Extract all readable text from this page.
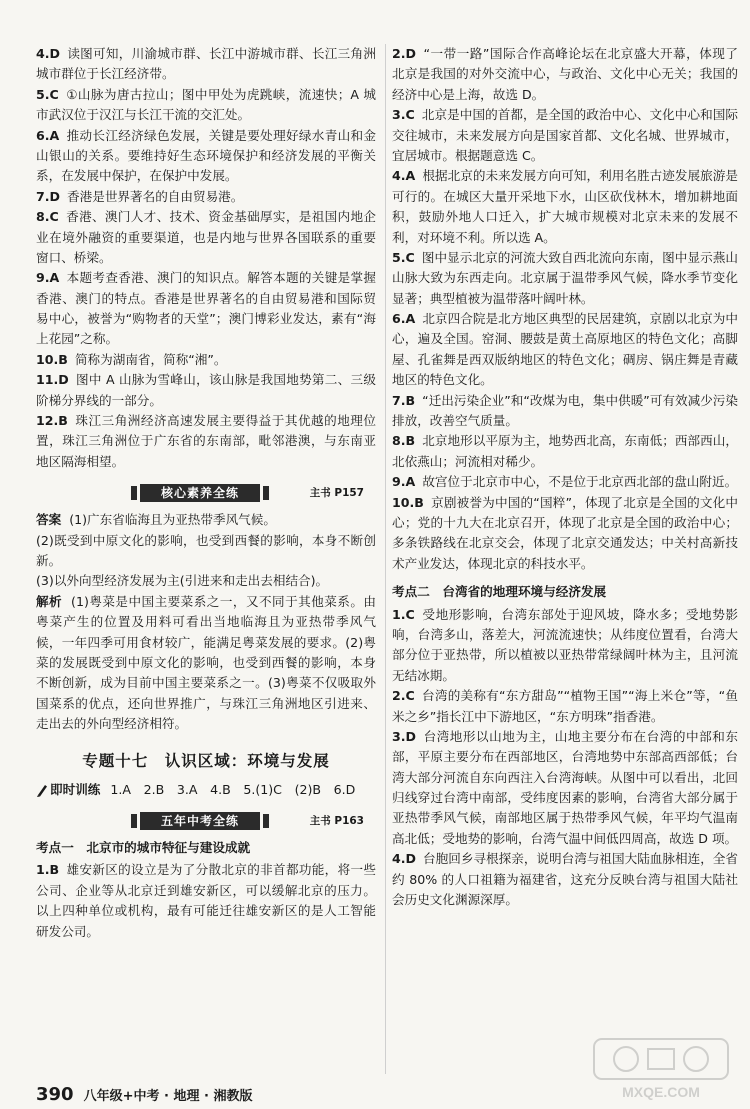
4.D 读图可知，川渝城市群、长江中游城市群、长江三角洲城市群位于长江经济带。

5.C ①山脉为唐古拉山；图中甲处为虎跳峡，流速快；A 城市武汉位于汉江与长江干流的交汇处。

6.A 推动长江经济绿色发展，关键是要处理好绿水青山和金山银山的关系。要维持好生态环境保护和经济发展的平衡关系，在发展中保护，在保护中发展。

7.D 香港是世界著名的自由贸易港。

8.C 香港、澳门人才、技术、资金基础厚实，是祖国内地企业在境外融资的重要渠道，也是内地与世界各国联系的重要窗口、桥梁。

9.A 本题考查香港、澳门的知识点。解答本题的关键是掌握香港、澳门的特点。香港是世界著名的自由贸易港和国际贸易中心，被誉为“购物者的天堂”；澳门博彩业发达，素有“海上花园”之称。

10.B 简称为湖南省，简称“湘”。

11.D 图中 A 山脉为雪峰山，该山脉是我国地势第二、三级阶梯分界线的一部分。

12.B 珠江三角洲经济高速发展主要得益于其优越的地理位置，珠江三角洲位于广东省的东南部，毗邻港澳，与东南亚地区隔海相望。

核心素养全练	主书 P157

答案 (1)广东省临海且为亚热带季风气候。

(2)既受到中原文化的影响，也受到西餐的影响，本身不断创新。

(3)以外向型经济发展为主(引进来和走出去相结合)。

解析 (1)粤菜是中国主要菜系之一，又不同于其他菜系。由粤菜产生的位置及用料可看出当地临海且为亚热带季风气候，一年四季可用食材较广，能满足粤菜发展的要求。(2)粤菜的发展既受到中原文化的影响，也受到西餐的影响，本身不断创新，成为目前中国主要菜系之一。(3)粤菜不仅吸取外国菜系的优点，还向世界推广，与珠江三角洲地区引进来、走出去的外向型经济相符。

专题十七　认识区域：环境与发展
即时训练 1.A　2.B　3.A　4.B　5.(1)C　(2)B　6.D
五年中考全练	主书 P163
考点一　北京市的城市特征与建设成就

1.B 雄安新区的设立是为了分散北京的非首都功能，将一些公司、企业等从北京迁到雄安新区，可以缓解北京的压力。以上四种单位或机构，最有可能迁往雄安新区的是人工智能研发公司。

2.D “一带一路”国际合作高峰论坛在北京盛大开幕，体现了北京是我国的对外交流中心，与政治、文化中心无关；我国的经济中心是上海，故选 D。

3.C 北京是中国的首都，是全国的政治中心、文化中心和国际交往城市，未来发展方向是国家首都、文化名城、世界城市，宜居城市。根据题意选 C。

4.A 根据北京的未来发展方向可知，利用名胜古迹发展旅游是可行的。在城区大量开采地下水，山区砍伐林木，增加耕地面积，鼓励外地人口迁入，扩大城市规模对北京未来的发展不利，对环境不利。所以选 A。

5.C 图中显示北京的河流大致自西北流向东南，图中显示燕山山脉大致为东西走向。北京属于温带季风气候，降水季节变化显著；典型植被为温带落叶阔叶林。

6.A 北京四合院是北方地区典型的民居建筑，京剧以北京为中心，遍及全国。窑洞、腰鼓是黄土高原地区的特色文化；高脚屋、孔雀舞是西双版纳地区的特色文化；碉房、锅庄舞是青藏地区的特色文化。

7.B “迁出污染企业”和“改煤为电，集中供暖”可有效减少污染排放，改善空气质量。

8.B 北京地形以平原为主，地势西北高，东南低；西部西山，北依燕山；河流相对稀少。

9.A 故宫位于北京市中心，不是位于北京西北部的盘山附近。

10.B 京剧被誉为中国的“国粹”，体现了北京是全国的文化中心；党的十九大在北京召开，体现了北京是全国的政治中心；多条铁路线在北京交会，体现了北京交通发达；中关村高新技术产业发达，体现北京的科技水平。

考点二　台湾省的地理环境与经济发展

1.C 受地形影响，台湾东部处于迎风坡，降水多；受地势影响，台湾多山，落差大，河流流速快；从纬度位置看，台湾大部分位于亚热带，所以植被以亚热带常绿阔叶林为主，且河流无结冰期。

2.C 台湾的美称有“东方甜岛”“植物王国”“海上米仓”等，“鱼米之乡”指长江中下游地区，“东方明珠”指香港。

3.D 台湾地形以山地为主，山地主要分布在台湾的中部和东部，平原主要分布在西部地区，台湾地势中东部高西部低；台湾大部分河流自东向西注入台湾海峡。从图中可以看出，北回归线穿过台湾中南部，受纬度因素的影响，台湾省大部分属于亚热带季风气候，南部地区属于热带季风气候，年平均气温南高北低；受地势的影响，台湾气温中间低四周高，故选 D 项。

4.D 台胞回乡寻根探亲，说明台湾与祖国大陆血脉相连，全省约 80% 的人口祖籍为福建省，这充分反映台湾与祖国大陆社会历史文化渊源深厚。

390 八年级+中考 · 地理 · 湘教版	MXQE.COM
